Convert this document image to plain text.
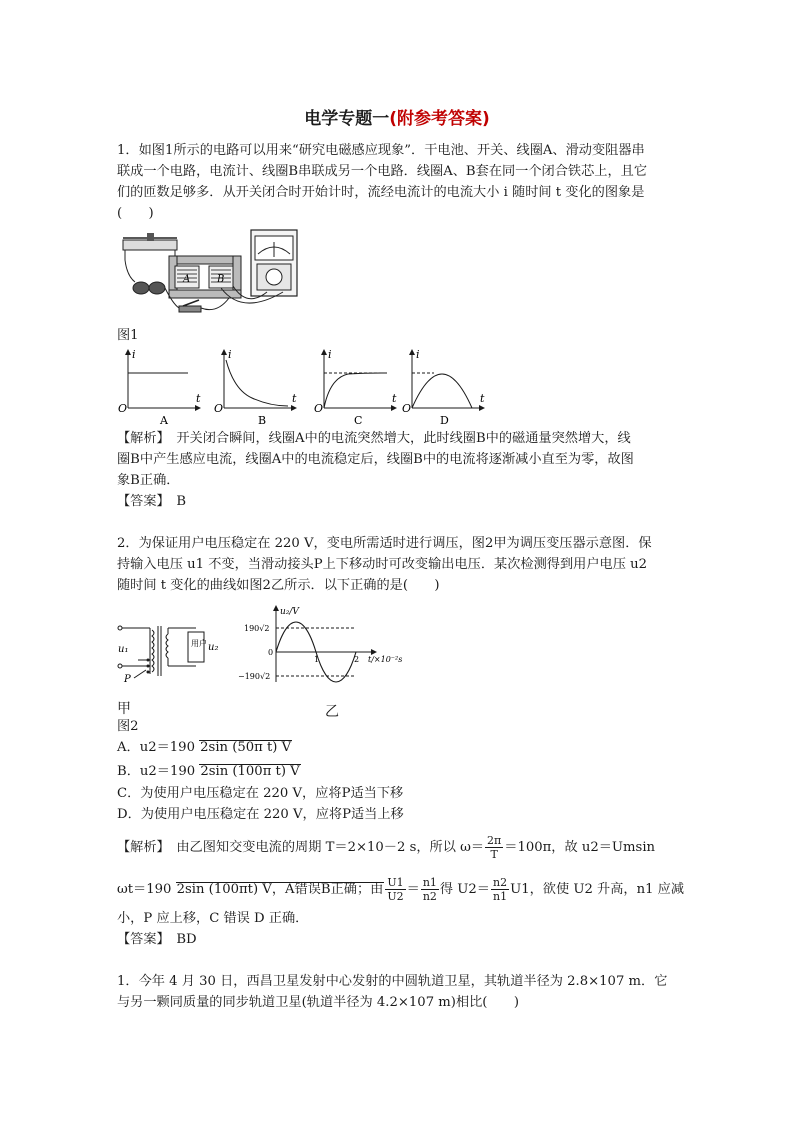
电学专题一(附参考答案)
1．如图1所示的电路可以用来“研究电磁感应现象”．干电池、开关、线圈A、滑动变阻器串
联成一个电路，电流计、线圈B串联成另一个电路．线圈A、B套在同一个闭合铁芯上，且它
们的匝数足够多．从开关闭合时开始计时，流经电流计的电流大小 i 随时间 t 变化的图象是
(　　)
A	B
图1
i
t
O
A
i
t
O
B
i
t
O
C
i
t
O
D
【解析】　开关闭合瞬间，线圈A中的电流突然增大，此时线圈B中的磁通量突然增大，线
圈B中产生感应电流，线圈A中的电流稳定后，线圈B中的电流将逐渐减小直至为零，故图
象B正确．
【答案】　B
2．为保证用户电压稳定在 220 V，变电所需适时进行调压，图2甲为调压变压器示意图．保
持输入电压 u1 不变，当滑动接头P上下移动时可改变输出电压．某次检测得到用户电压 u2
随时间 t 变化的曲线如图2乙所示．以下正确的是(　　)
u₁
用户 u₂
P
u₂/V
190√2
−190√2
0
1	2 t/×10⁻²s
甲	乙
图2
A．u2＝190 2sin (50π t) V
B．u2＝190 2sin (100π t) V
C．为使用户电压稳定在 220 V，应将P适当下移
D．为使用户电压稳定在 220 V，应将P适当上移
【解析】　由乙图知交变电流的周期 T＝2×10－2 s，所以 $\omega= \frac{2\pi}{T} =100\pi$，故 u2＝Umsin
ωt＝190 2sin (100πt) V，A错误B正确；由 $\frac{U1}{U2} = \frac{n1}{n2}$ 得 $U2= \frac{n2}{n1} U1$，欲使 U2 升高，n1 应减
小，P 应上移，C 错误 D 正确．
【答案】　BD
1．今年 4 月 30 日，西昌卫星发射中心发射的中圆轨道卫星，其轨道半径为 2.8×107 m．它
与另一颗同质量的同步轨道卫星(轨道半径为 4.2×107 m)相比(　　)
